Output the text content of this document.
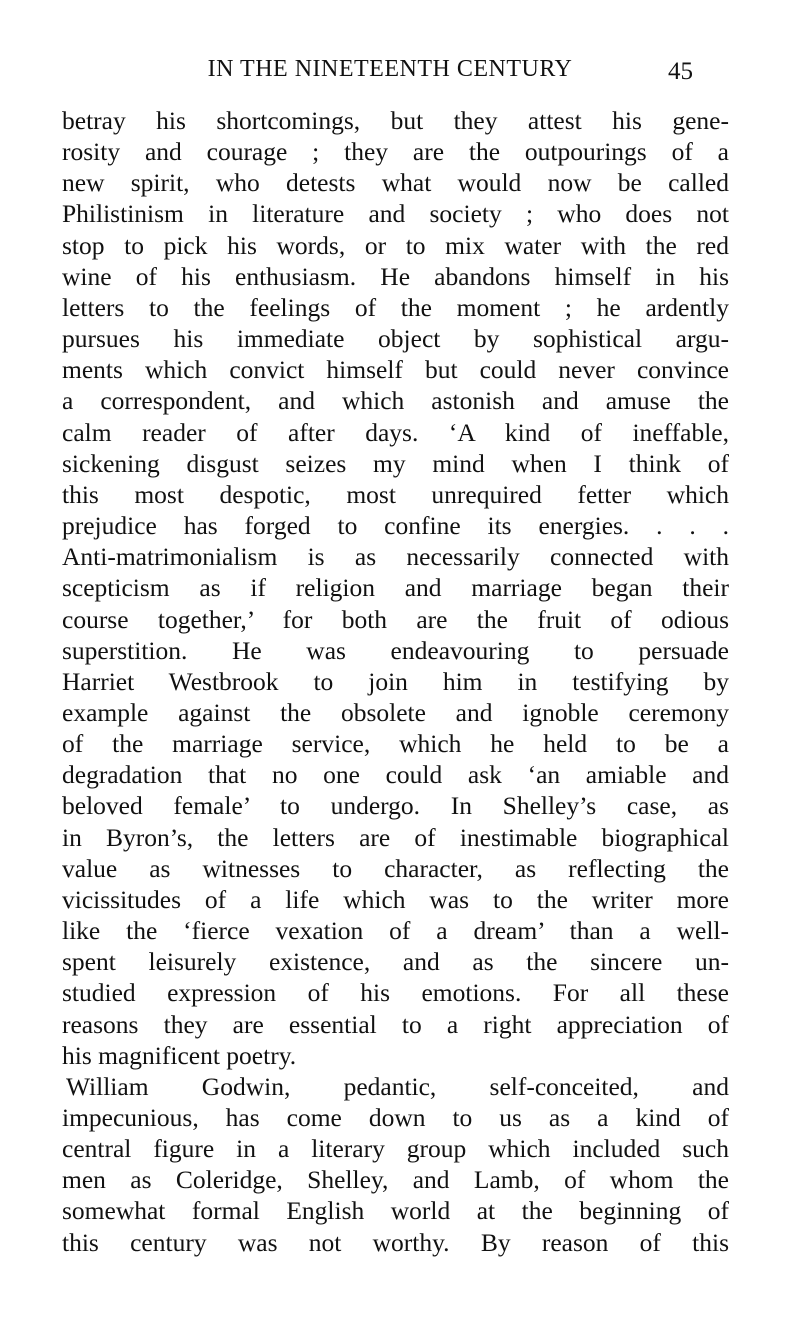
IN THE NINETEENTH CENTURY	45
betray his shortcomings, but they attest his gene-
rosity and courage ; they are the outpourings of a
new spirit, who detests what would now be called
Philistinism in literature and society ; who does not
stop to pick his words, or to mix water with the red
wine of his enthusiasm. He abandons himself in his
letters to the feelings of the moment ; he ardently
pursues his immediate object by sophistical argu-
ments which convict himself but could never convince
a correspondent, and which astonish and amuse the
calm reader of after days. ‘A kind of ineffable,
sickening disgust seizes my mind when I think of
this most despotic, most unrequired fetter which
prejudice has forged to confine its energies. . . .
Anti-matrimonialism is as necessarily connected with
scepticism as if religion and marriage began their
course together,’ for both are the fruit of odious
superstition. He was endeavouring to persuade
Harriet Westbrook to join him in testifying by
example against the obsolete and ignoble ceremony
of the marriage service, which he held to be a
degradation that no one could ask ‘an amiable and
beloved female’ to undergo. In Shelley’s case, as
in Byron’s, the letters are of inestimable biographical
value as witnesses to character, as reflecting the
vicissitudes of a life which was to the writer more
like the ‘fierce vexation of a dream’ than a well-
spent leisurely existence, and as the sincere un-
studied expression of his emotions. For all these
reasons they are essential to a right appreciation of
his magnificent poetry.
William Godwin, pedantic, self-conceited, and
impecunious, has come down to us as a kind of
central figure in a literary group which included such
men as Coleridge, Shelley, and Lamb, of whom the
somewhat formal English world at the beginning of
this century was not worthy. By reason of this
